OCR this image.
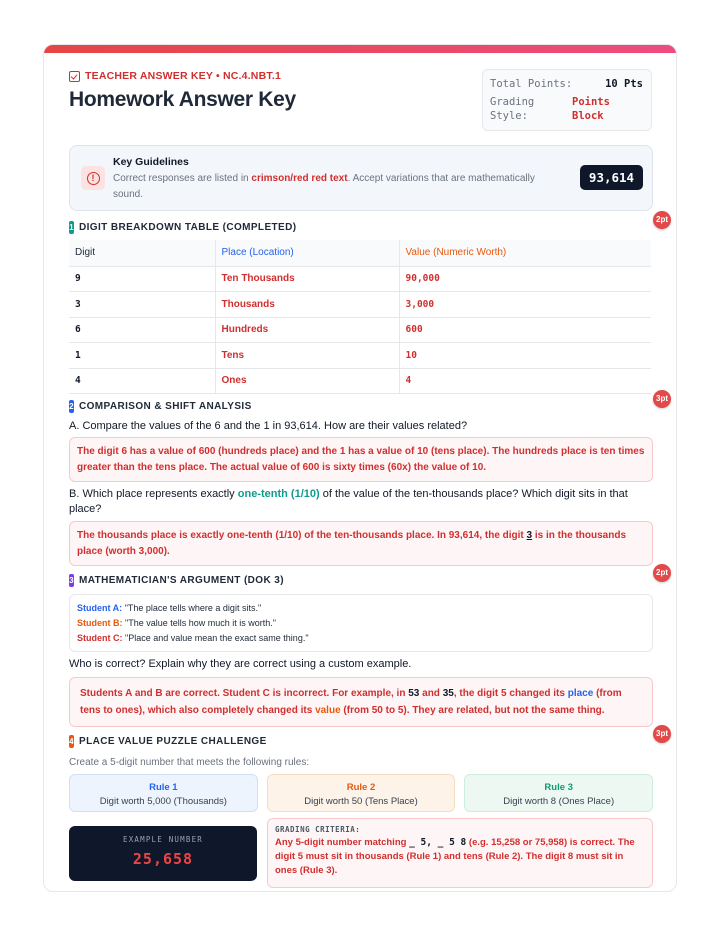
TEACHER ANSWER KEY • NC.4.NBT.1
Homework Answer Key
Total Points:	10 Pts
Grading Style:
Points Block
!
Key Guidelines
Correct responses are listed in crimson/red red text. Accept variations that are mathematically sound.
93,614
2pt
1 DIGIT BREAKDOWN TABLE (COMPLETED)
Digit	Place (Location)	Value (Numeric Worth)
9	Ten Thousands	90,000
3	Thousands	3,000
6	Hundreds	600
1	Tens	10
4	Ones	4
3pt
2 COMPARISON & SHIFT ANALYSIS
A. Compare the values of the 6 and the 1 in 93,614. How are their values related?
The digit 6 has a value of 600 (hundreds place) and the 1 has a value of 10 (tens place). The hundreds place is ten times greater than the tens place. The actual value of 600 is sixty times (60x) the value of 10.
B. Which place represents exactly one-tenth (1/10) of the value of the ten-thousands place? Which digit sits in that place?
The thousands place is exactly one-tenth (1/10) of the ten-thousands place. In 93,614, the digit 3 is in the thousands place (worth 3,000).
2pt
3 MATHEMATICIAN'S ARGUMENT (DOK 3)
Student A: "The place tells where a digit sits."
Student B: "The value tells how much it is worth."
Student C: "Place and value mean the exact same thing."
Who is correct? Explain why they are correct using a custom example.
Students A and B are correct. Student C is incorrect. For example, in 53 and 35, the digit 5 changed its place (from tens to ones), which also completely changed its value (from 50 to 5). They are related, but not the same thing.
3pt
4 PLACE VALUE PUZZLE CHALLENGE
Create a 5-digit number that meets the following rules:
Rule 1
Digit worth 5,000 (Thousands)
Rule 2
Digit worth 50 (Tens Place)
Rule 3
Digit worth 8 (Ones Place)
EXAMPLE NUMBER
25,658
GRADING CRITERIA:
Any 5-digit number matching _ 5, _ 5 8 (e.g. 15,258 or 75,958) is correct. The digit 5 must sit in thousands (Rule 1) and tens (Rule 2). The digit 8 must sit in ones (Rule 3).
